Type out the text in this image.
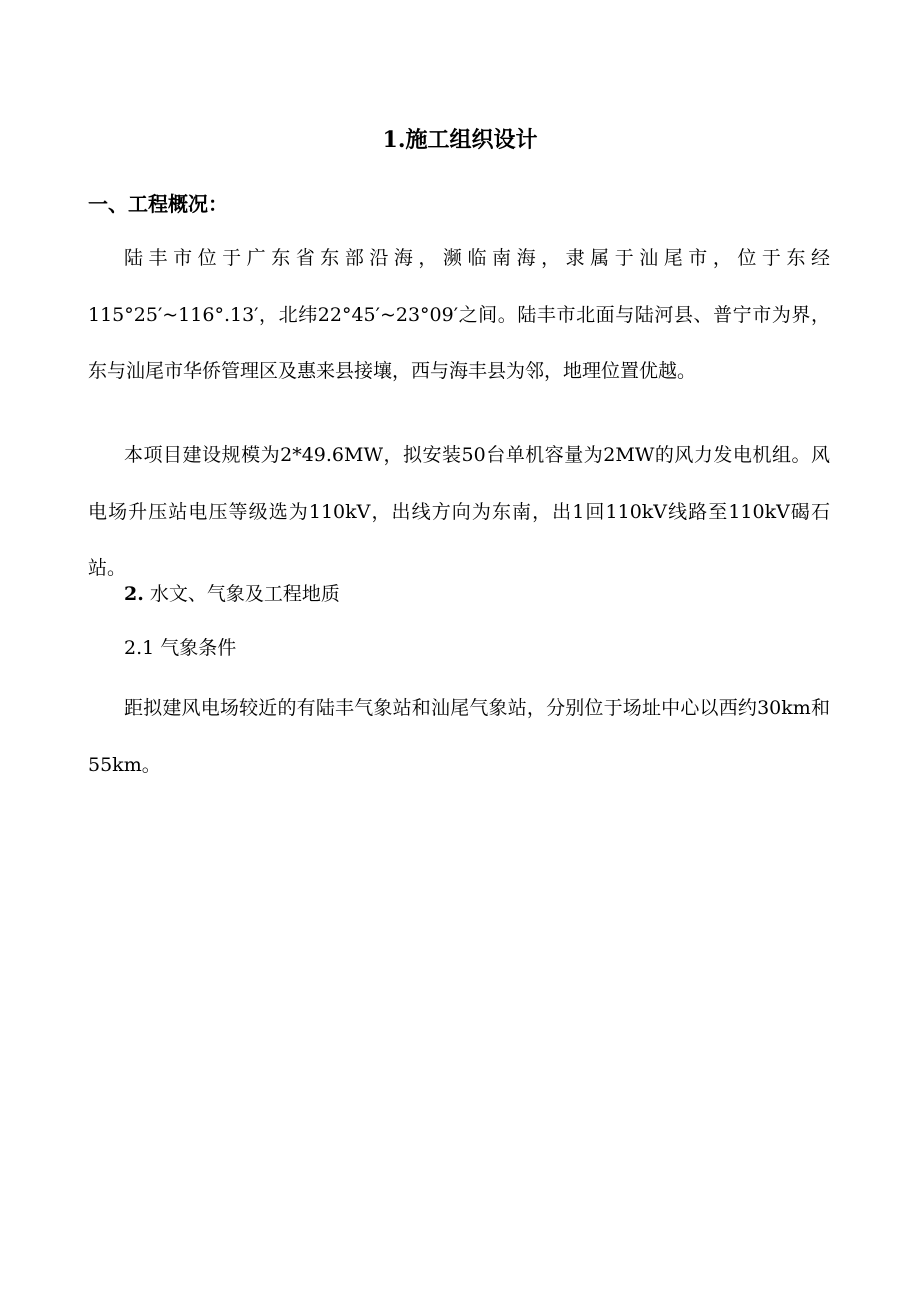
1.施工组织设计
一、工程概况：

陆丰市位于广东省东部沿海，濒临南海，隶属于汕尾市，位于东经115°25′~116°.13′，北纬22°45′~23°09′之间。陆丰市北面与陆河县、普宁市为界，东与汕尾市华侨管理区及惠来县接壤，西与海丰县为邻，地理位置优越。

本项目建设规模为2*49.6MW，拟安装50台单机容量为2MW的风力发电机组。风电场升压站电压等级选为110kV，出线方向为东南，出1回110kV线路至110kV碣石站。

2. 水文、气象及工程地质
2.1 气象条件

距拟建风电场较近的有陆丰气象站和汕尾气象站，分别位于场址中心以西约30km和55km。
